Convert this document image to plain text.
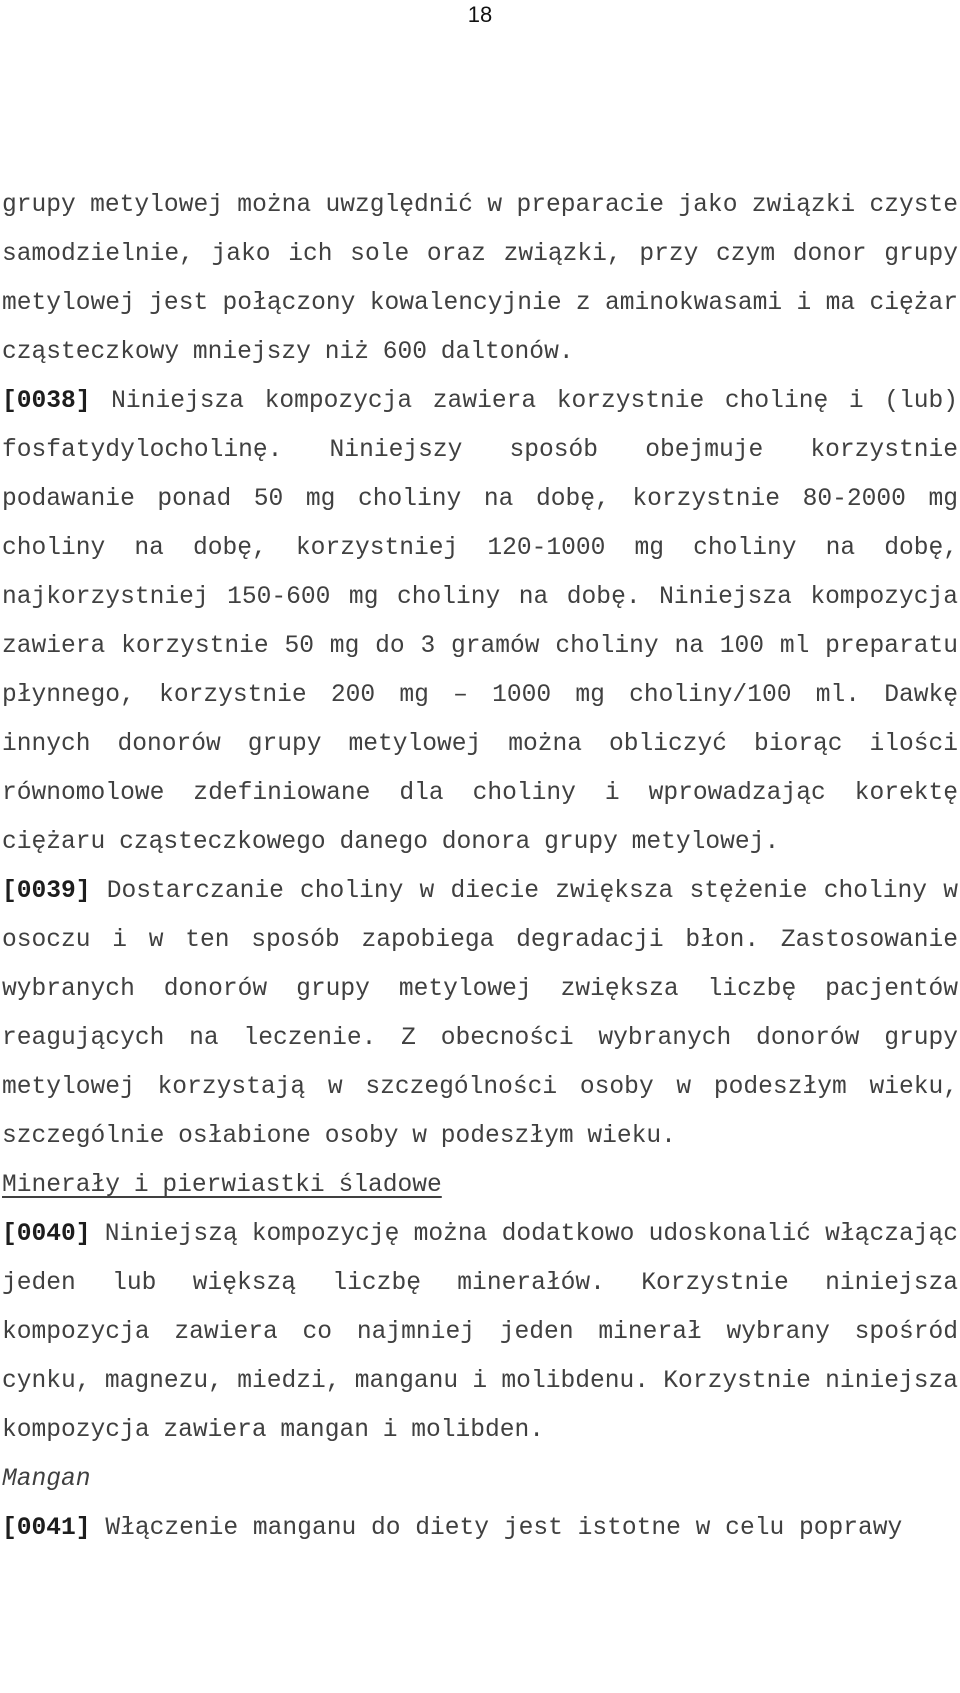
18

grupy metylowej można uwzględnić w preparacie jako związki czyste samodzielnie, jako ich sole oraz związki, przy czym donor grupy metylowej jest połączony kowalencyjnie z aminokwasami i ma ciężar cząsteczkowy mniejszy niż 600 daltonów.

[0038] Niniejsza kompozycja zawiera korzystnie cholinę i (lub) fosfatydylocholinę. Niniejszy sposób obejmuje korzystnie podawanie ponad 50 mg choliny na dobę, korzystnie 80-2000 mg choliny na dobę, korzystniej 120-1000 mg choliny na dobę, najkorzystniej 150-600 mg choliny na dobę. Niniejsza kompozycja zawiera korzystnie 50 mg do 3 gramów choliny na 100 ml preparatu płynnego, korzystnie 200 mg – 1000 mg choliny/100 ml. Dawkę innych donorów grupy metylowej można obliczyć biorąc ilości równomolowe zdefiniowane dla choliny i wprowadzając korektę ciężaru cząsteczkowego danego donora grupy metylowej.

[0039] Dostarczanie choliny w diecie zwiększa stężenie choliny w osoczu i w ten sposób zapobiega degradacji błon. Zastosowanie wybranych donorów grupy metylowej zwiększa liczbę pacjentów reagujących na leczenie. Z obecności wybranych donorów grupy metylowej korzystają w szczególności osoby w podeszłym wieku, szczególnie osłabione osoby w podeszłym wieku.

Minerały i pierwiastki śladowe

[0040] Niniejszą kompozycję można dodatkowo udoskonalić włączając jeden lub większą liczbę minerałów. Korzystnie niniejsza kompozycja zawiera co najmniej jeden minerał wybrany spośród cynku, magnezu, miedzi, manganu i molibdenu. Korzystnie niniejsza kompozycja zawiera mangan i molibden.

Mangan

[0041] Włączenie manganu do diety jest istotne w celu poprawy
